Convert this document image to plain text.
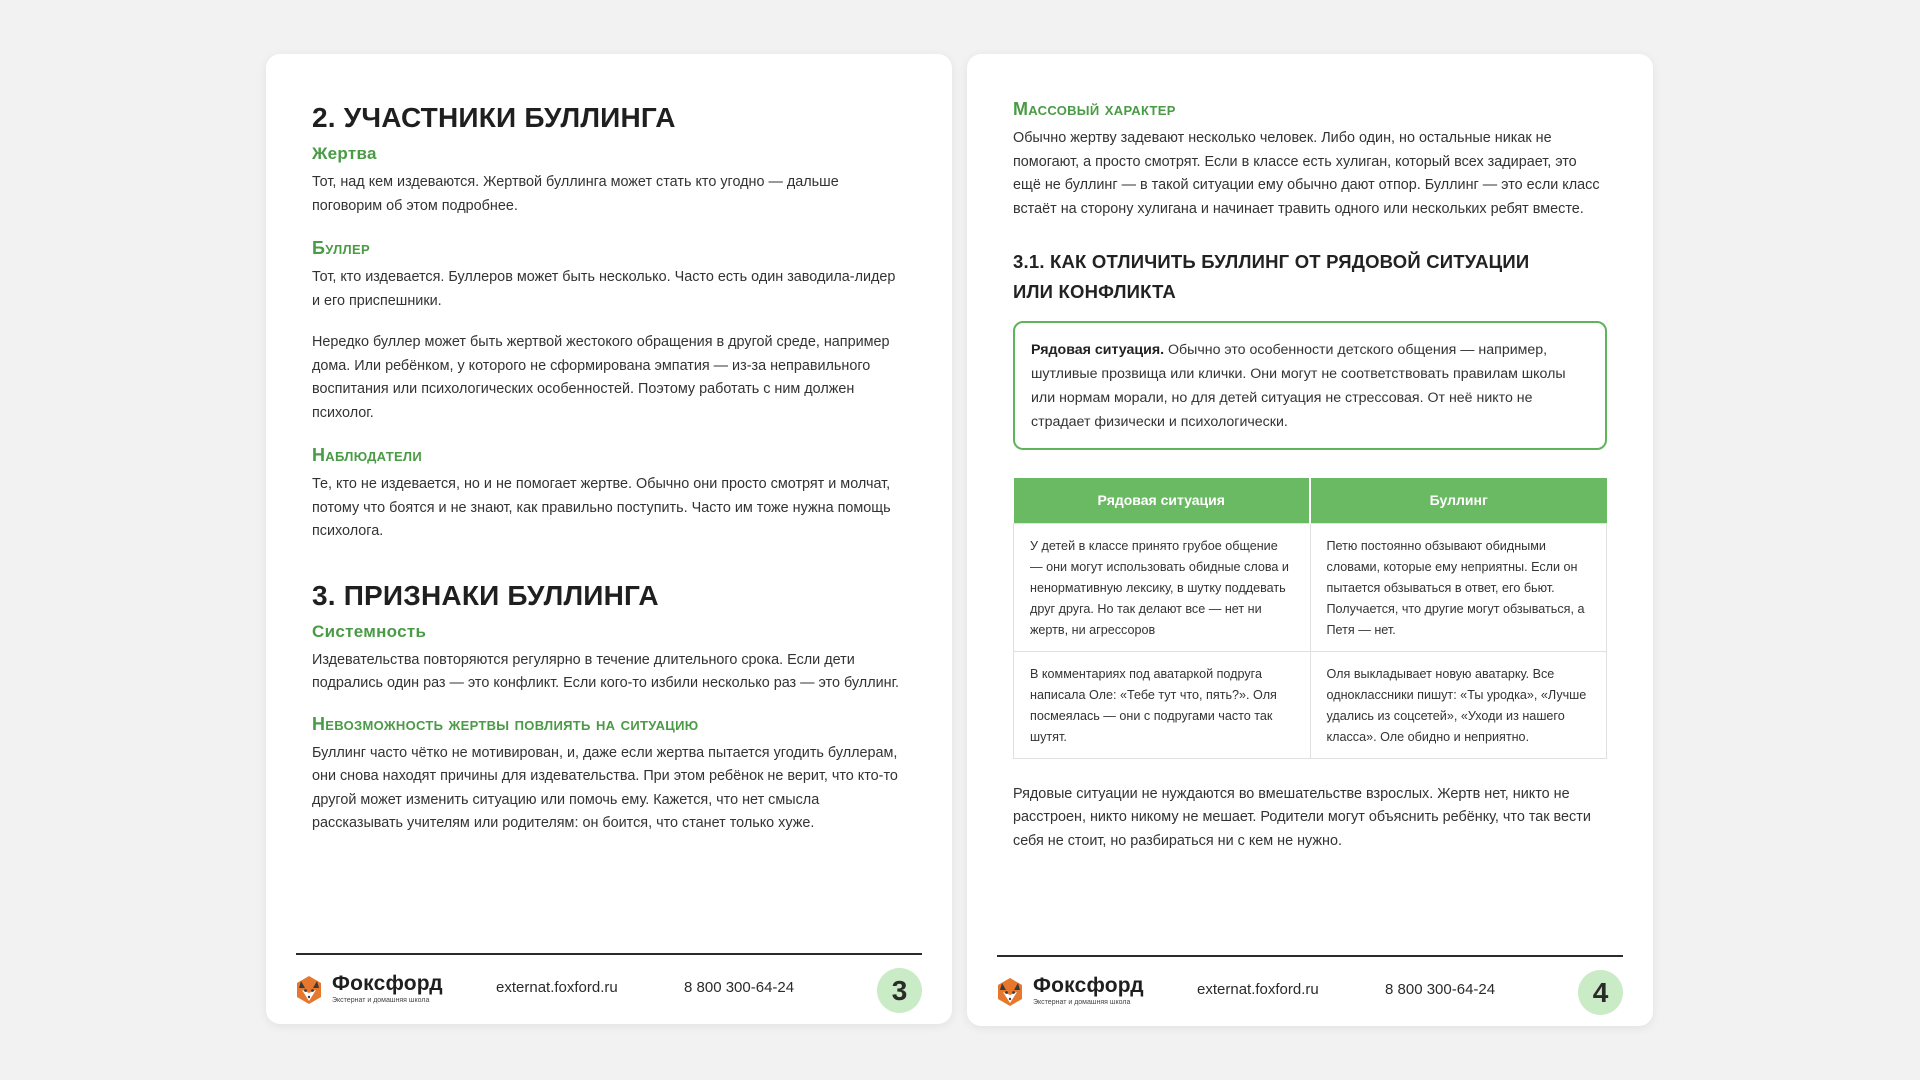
2. УЧАСТНИКИ БУЛЛИНГА
Жертва

Тот, над кем издеваются. Жертвой буллинга может стать кто угодно — дальше поговорим об этом подробнее.

Буллер

Тот, кто издевается. Буллеров может быть несколько. Часто есть один заводила-лидер и его приспешники.

Нередко буллер может быть жертвой жестокого обращения в другой среде, например дома. Или ребёнком, у которого не сформирована эмпатия — из-за неправильного воспитания или психологических особенностей. Поэтому работать с ним должен психолог.

Наблюдатели

Те, кто не издевается, но и не помогает жертве. Обычно они просто смотрят и молчат, потому что боятся и не знают, как правильно поступить. Часто им тоже нужна помощь психолога.

3. ПРИЗНАКИ БУЛЛИНГА
Системность

Издевательства повторяются регулярно в течение длительного срока. Если дети подрались один раз — это конфликт. Если кого-то избили несколько раз — это буллинг.

Невозможность жертвы повлиять на ситуацию

Буллинг часто чётко не мотивирован, и, даже если жертва пытается угодить буллерам, они снова находят причины для издевательства. При этом ребёнок не верит, что кто-то другой может изменить ситуацию или помочь ему. Кажется, что нет смысла рассказывать учителям или родителям: он боится, что станет только хуже.

Фоксфорд
Экстернат и домашняя школа
externat.foxford.ru	8 800 300-64-24	3
Массовый характер

Обычно жертву задевают несколько человек. Либо один, но остальные никак не помогают, а просто смотрят. Если в классе есть хулиган, который всех задирает, это ещё не буллинг — в такой ситуации ему обычно дают отпор. Буллинг — это если класс встаёт на сторону хулигана и начинает травить одного или нескольких ребят вместе.

3.1. КАК ОТЛИЧИТЬ БУЛЛИНГ ОТ РЯДОВОЙ СИТУАЦИИ
ИЛИ КОНФЛИКТА
Рядовая ситуация. Обычно это особенности детского общения — например, шутливые прозвища или клички. Они могут не соответствовать правилам школы или нормам морали, но для детей ситуация не стрессовая. От неё никто не страдает физически и психологически.
Рядовая ситуация	Буллинг
У детей в классе принято грубое общение — они могут использовать обидные слова и ненормативную лексику, в шутку поддевать друг друга. Но так делают все — нет ни жертв, ни агрессоров	Петю постоянно обзывают обидными словами, которые ему неприятны. Если он пытается обзываться в ответ, его бьют. Получается, что другие могут обзываться, а Петя — нет.
В комментариях под аватаркой подруга написала Оле: «Тебе тут что, пять?». Оля посмеялась — они с подругами часто так шутят.	Оля выкладывает новую аватарку. Все одноклассники пишут: «Ты уродка», «Лучше удались из соцсетей», «Уходи из нашего класса». Оле обидно и неприятно.

Рядовые ситуации не нуждаются во вмешательстве взрослых. Жертв нет, никто не расстроен, никто никому не мешает. Родители могут объяснить ребёнку, что так вести себя не стоит, но разбираться ни с кем не нужно.

Фоксфорд
Экстернат и домашняя школа
externat.foxford.ru	8 800 300-64-24	4
